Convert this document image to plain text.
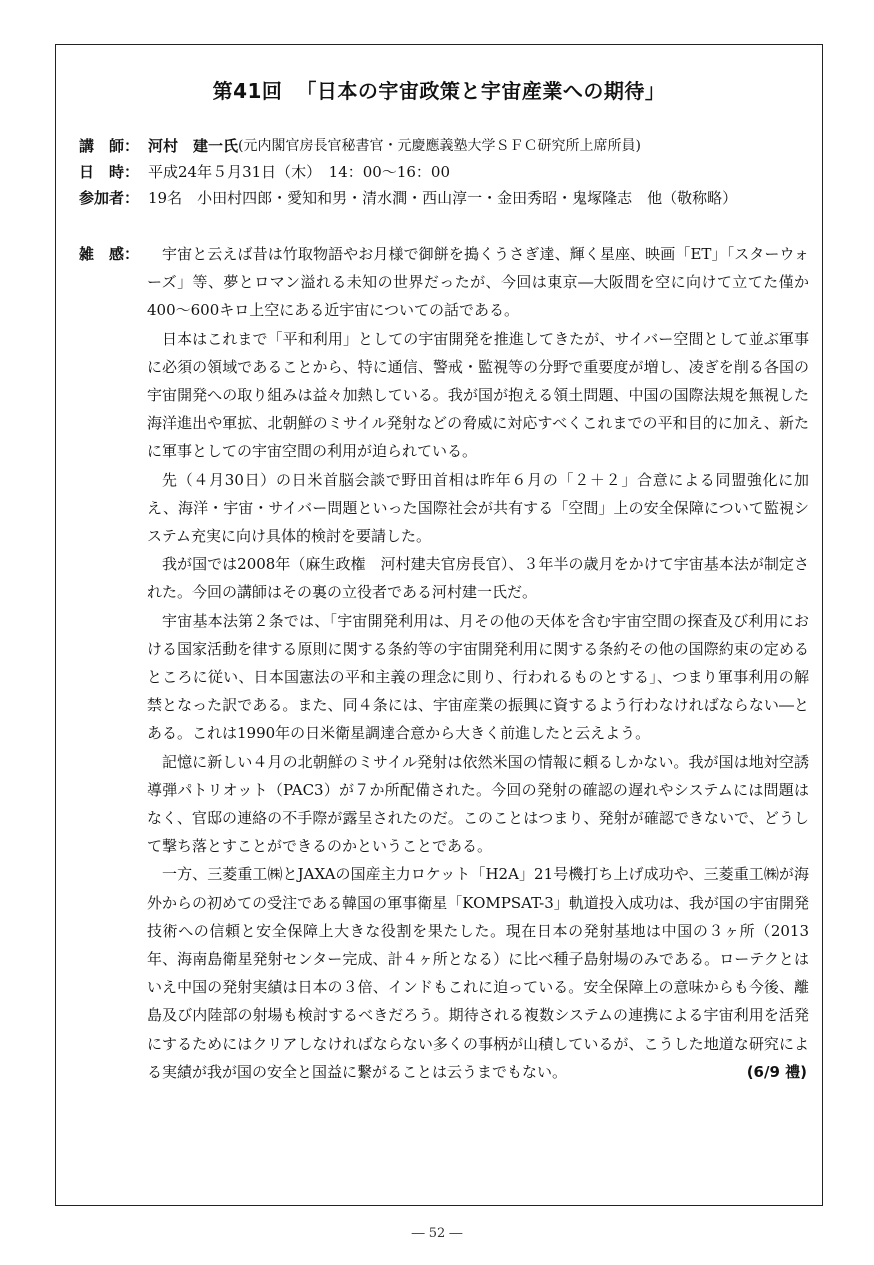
第41回 「日本の宇宙政策と宇宙産業への期待」
講　師： 河村　建一氏 (元内閣官房長官秘書官・元慶應義塾大学ＳＦＣ研究所上席所員)
日　時： 平成24年５月31日（木）　14：00～16：00
参加者： 19名　小田村四郎・愛知和男・清水澗・西山淳一・金田秀昭・鬼塚隆志　他（敬称略）
雑　感：	宇宙と云えば昔は竹取物語やお月様で御餅を搗くうさぎ達、輝く星座、映画「ET」「スターウォーズ」等、夢とロマン溢れる未知の世界だったが、今回は東京―大阪間を空に向けて立てた僅か400～600キロ上空にある近宇宙についての話である。

日本はこれまで「平和利用」としての宇宙開発を推進してきたが、サイバー空間として並ぶ軍事に必須の領域であることから、特に通信、警戒・監視等の分野で重要度が増し、凌ぎを削る各国の宇宙開発への取り組みは益々加熱している。我が国が抱える領土問題、中国の国際法規を無視した海洋進出や軍拡、北朝鮮のミサイル発射などの脅威に対応すべくこれまでの平和目的に加え、新たに軍事としての宇宙空間の利用が迫られている。

先（４月30日）の日米首脳会談で野田首相は昨年６月の「２＋２」合意による同盟強化に加え、海洋・宇宙・サイバー問題といった国際社会が共有する「空間」上の安全保障について監視システム充実に向け具体的検討を要請した。

我が国では2008年（麻生政権　河村建夫官房長官）、３年半の歳月をかけて宇宙基本法が制定された。今回の講師はその裏の立役者である河村建一氏だ。

宇宙基本法第２条では、「宇宙開発利用は、月その他の天体を含む宇宙空間の探査及び利用における国家活動を律する原則に関する条約等の宇宙開発利用に関する条約その他の国際約束の定めるところに従い、日本国憲法の平和主義の理念に則り、行われるものとする」、つまり軍事利用の解禁となった訳である。また、同４条には、宇宙産業の振興に資するよう行わなければならない―とある。これは1990年の日米衛星調達合意から大きく前進したと云えよう。

記憶に新しい４月の北朝鮮のミサイル発射は依然米国の情報に頼るしかない。我が国は地対空誘導弾パトリオット（PAC3）が７か所配備された。今回の発射の確認の遅れやシステムには問題はなく、官邸の連絡の不手際が露呈されたのだ。このことはつまり、発射が確認できないで、どうして撃ち落とすことができるのかということである。

一方、三菱重工㈱とJAXAの国産主力ロケット「H2A」21号機打ち上げ成功や、三菱重工㈱が海外からの初めての受注である韓国の軍事衛星「KOMPSAT-3」軌道投入成功は、我が国の宇宙開発技術への信頼と安全保障上大きな役割を果たした。現在日本の発射基地は中国の３ヶ所（2013年、海南島衛星発射センター完成、計４ヶ所となる）に比べ種子島射場のみである。ローテクとはいえ中国の発射実績は日本の３倍、インドもこれに迫っている。安全保障上の意味からも今後、離島及び内陸部の射場も検討するべきだろう。期待される複数システムの連携による宇宙利用を活発にするためにはクリアしなければならない多くの事柄が山積しているが、こうした地道な研究による実績が我が国の安全と国益に繋がることは云うまでもない。	(6/9 禮)

― 52 ―
